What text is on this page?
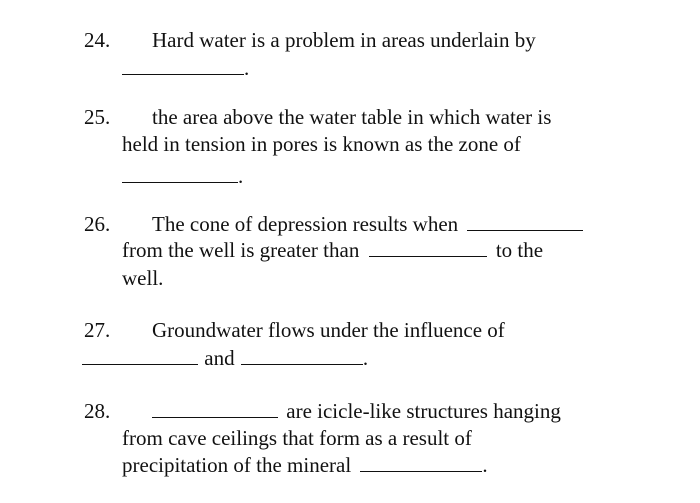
24. Hard water is a problem in areas underlain by
.
25. the area above the water table in which water is
held in tension in pores is known as the zone of
.
26. The cone of depression results when
from the well is greater than	to the
well.
27. Groundwater flows under the influence of
and	.
28.	are icicle-like structures hanging
from cave ceilings that form as a result of
precipitation of the mineral	.
